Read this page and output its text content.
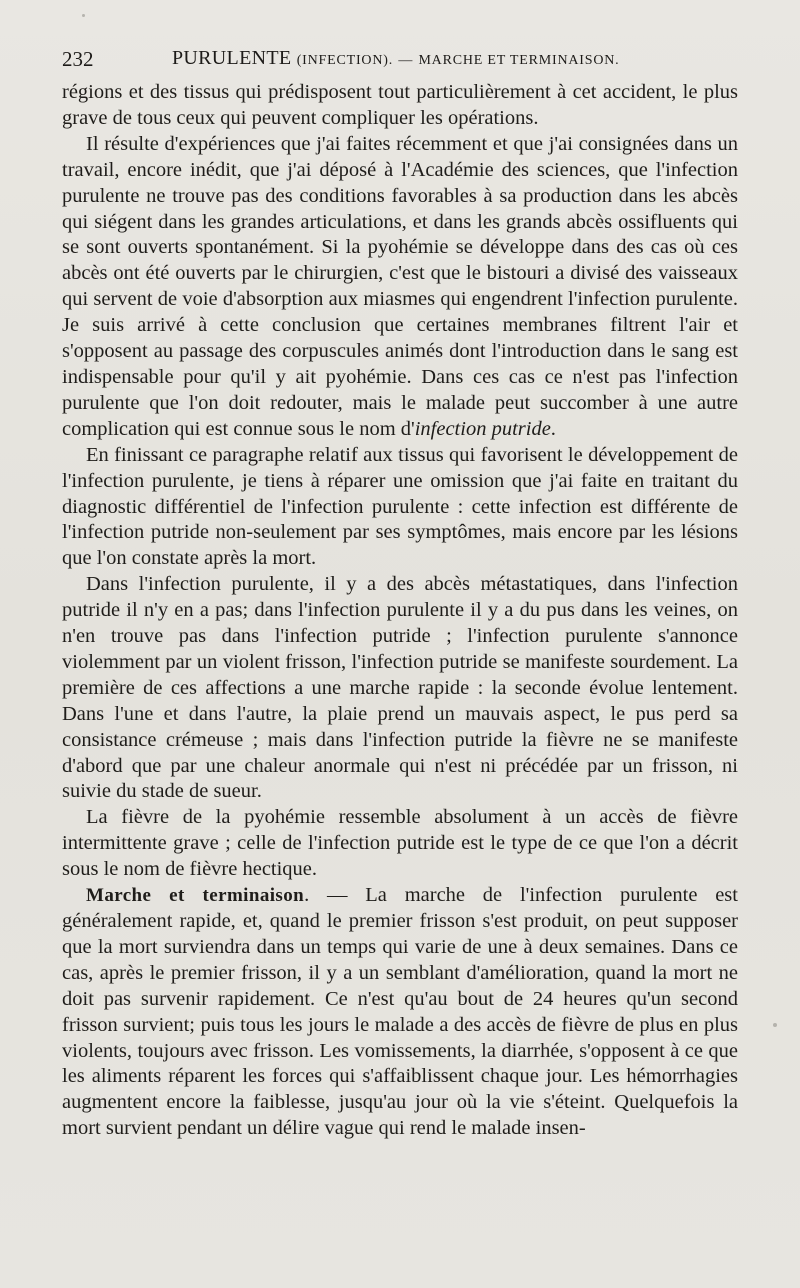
232	PURULENTE (INFECTION). — MARCHE ET TERMINAISON.

régions et des tissus qui prédisposent tout particulièrement à cet accident, le plus grave de tous ceux qui peuvent compliquer les opérations.

Il résulte d'expériences que j'ai faites récemment et que j'ai consignées dans un travail, encore inédit, que j'ai déposé à l'Académie des sciences, que l'infection purulente ne trouve pas des conditions favorables à sa production dans les abcès qui siégent dans les grandes articulations, et dans les grands abcès ossifluents qui se sont ouverts spontanément. Si la pyohémie se développe dans des cas où ces abcès ont été ouverts par le chirurgien, c'est que le bistouri a divisé des vaisseaux qui servent de voie d'absorption aux miasmes qui engendrent l'infection purulente. Je suis arrivé à cette conclusion que certaines membranes filtrent l'air et s'opposent au passage des corpuscules animés dont l'introduction dans le sang est indispensable pour qu'il y ait pyohémie. Dans ces cas ce n'est pas l'infection purulente que l'on doit redouter, mais le malade peut succomber à une autre complication qui est connue sous le nom d'infection putride.

En finissant ce paragraphe relatif aux tissus qui favorisent le développement de l'infection purulente, je tiens à réparer une omission que j'ai faite en traitant du diagnostic différentiel de l'infection purulente : cette infection est différente de l'infection putride non-seulement par ses symptômes, mais encore par les lésions que l'on constate après la mort.

Dans l'infection purulente, il y a des abcès métastatiques, dans l'infection putride il n'y en a pas; dans l'infection purulente il y a du pus dans les veines, on n'en trouve pas dans l'infection putride ; l'infection purulente s'annonce violemment par un violent frisson, l'infection putride se manifeste sourdement. La première de ces affections a une marche rapide : la seconde évolue lentement. Dans l'une et dans l'autre, la plaie prend un mauvais aspect, le pus perd sa consistance crémeuse ; mais dans l'infection putride la fièvre ne se manifeste d'abord que par une chaleur anormale qui n'est ni précédée par un frisson, ni suivie du stade de sueur.

La fièvre de la pyohémie ressemble absolument à un accès de fièvre intermittente grave ; celle de l'infection putride est le type de ce que l'on a décrit sous le nom de fièvre hectique.

Marche et terminaison. — La marche de l'infection purulente est généralement rapide, et, quand le premier frisson s'est produit, on peut supposer que la mort surviendra dans un temps qui varie de une à deux semaines. Dans ce cas, après le premier frisson, il y a un semblant d'amélioration, quand la mort ne doit pas survenir rapidement. Ce n'est qu'au bout de 24 heures qu'un second frisson survient; puis tous les jours le malade a des accès de fièvre de plus en plus violents, toujours avec frisson. Les vomissements, la diarrhée, s'opposent à ce que les aliments réparent les forces qui s'affaiblissent chaque jour. Les hémorrhagies augmentent encore la faiblesse, jusqu'au jour où la vie s'éteint. Quelquefois la mort survient pendant un délire vague qui rend le malade insen-
